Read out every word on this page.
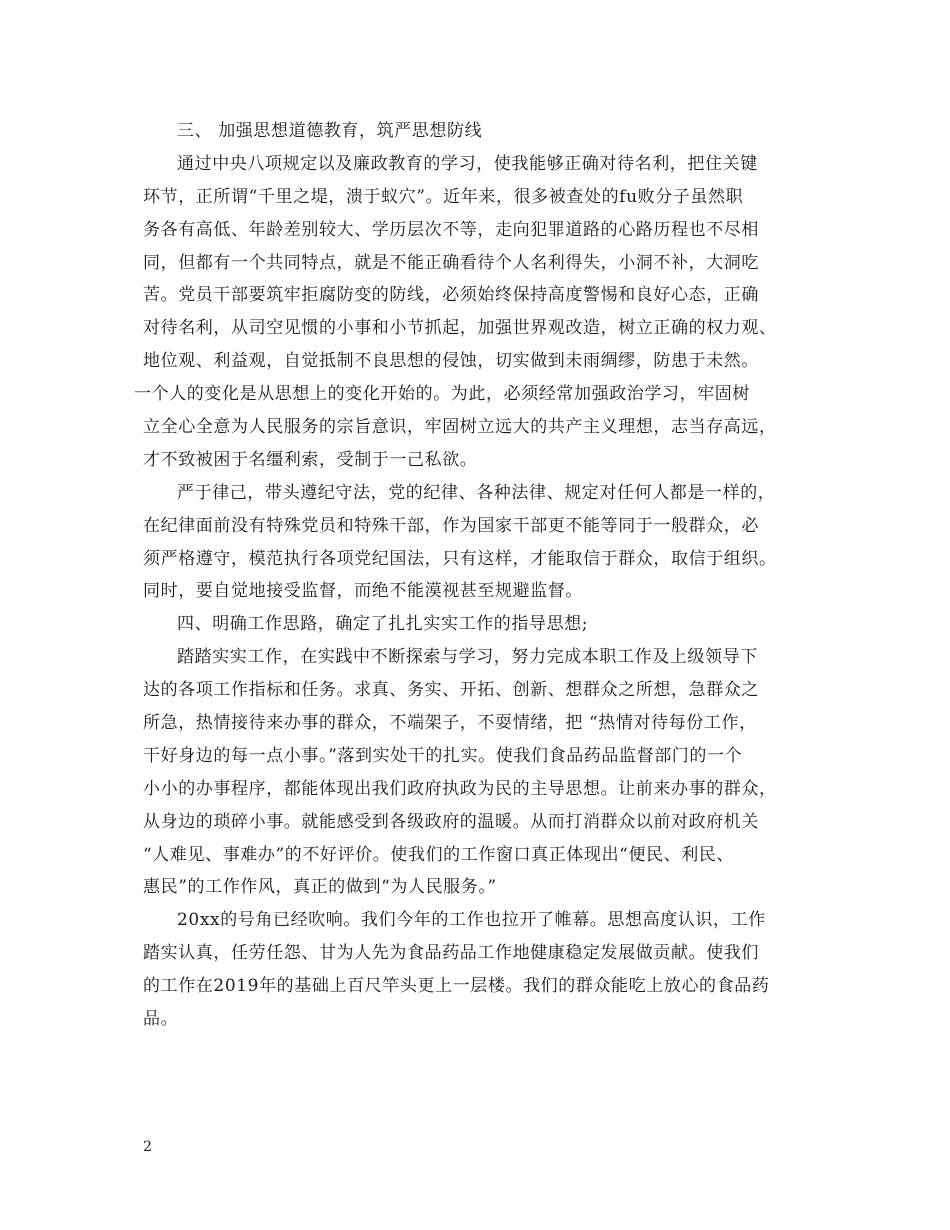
三、 加强思想道德教育，筑严思想防线
通过中央八项规定以及廉政教育的学习，使我能够正确对待名利，把住关键
环节，正所谓“千里之堤，溃于蚁穴”。近年来，很多被查处的fu败分子虽然职
务各有高低、年龄差别较大、学历层次不等，走向犯罪道路的心路历程也不尽相
同，但都有一个共同特点，就是不能正确看待个人名利得失，小洞不补，大洞吃
苦。党员干部要筑牢拒腐防变的防线，必须始终保持高度警惕和良好心态，正确
对待名利，从司空见惯的小事和小节抓起，加强世界观改造，树立正确的权力观、
地位观、利益观，自觉抵制不良思想的侵蚀，切实做到未雨绸缪，防患于未然。
一个人的变化是从思想上的变化开始的。为此，必须经常加强政治学习，牢固树
立全心全意为人民服务的宗旨意识，牢固树立远大的共产主义理想，志当存高远，
才不致被困于名缰利索，受制于一己私欲。
严于律己，带头遵纪守法，党的纪律、各种法律、规定对任何人都是一样的，
在纪律面前没有特殊党员和特殊干部，作为国家干部更不能等同于一般群众，必
须严格遵守，模范执行各项党纪国法，只有这样，才能取信于群众，取信于组织。
同时，要自觉地接受监督，而绝不能漠视甚至规避监督。
四、明确工作思路，确定了扎扎实实工作的指导思想;
踏踏实实工作，在实践中不断探索与学习，努力完成本职工作及上级领导下
达的各项工作指标和任务。求真、务实、开拓、创新、想群众之所想，急群众之
所急，热情接待来办事的群众，不端架子，不耍情绪，把 “热情对待每份工作，
干好身边的每一点小事。”落到实处干的扎实。使我们食品药品监督部门的一个
小小的办事程序，都能体现出我们政府执政为民的主导思想。让前来办事的群众，
从身边的琐碎小事。就能感受到各级政府的温暖。从而打消群众以前对政府机关
“人难见、事难办”的不好评价。使我们的工作窗口真正体现出“便民、利民、
惠民”的工作作风，真正的做到“为人民服务。”
20xx的号角已经吹响。我们今年的工作也拉开了帷幕。思想高度认识，工作
踏实认真，任劳任怨、甘为人先为食品药品工作地健康稳定发展做贡献。使我们
的工作在2019年的基础上百尺竿头更上一层楼。我们的群众能吃上放心的食品药
品。
2
